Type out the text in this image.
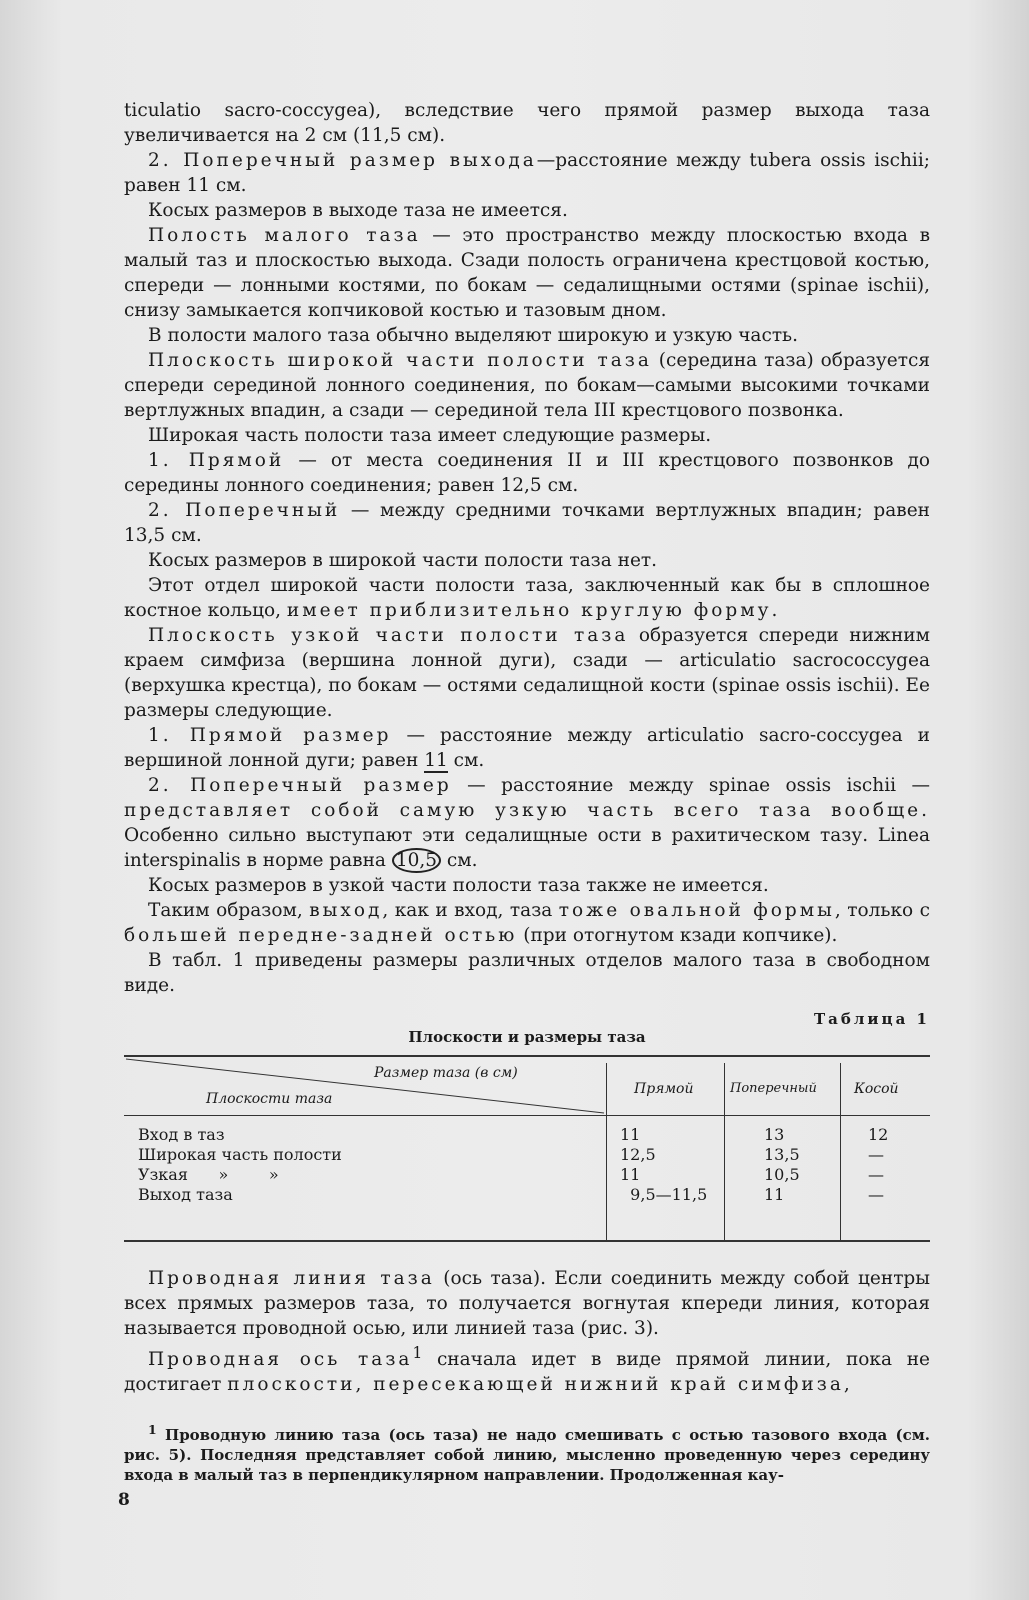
ticulatio sacro-coccygea), вследствие чего прямой размер выхода таза увеличивается на 2 см (11,5 см).

2. Поперечный размер выхода—расстояние между tubera ossis ischii; равен 11 см.

Косых размеров в выходе таза не имеется.

Полость малого таза — это пространство между плоскостью входа в малый таз и плоскостью выхода. Сзади полость ограничена крестцовой костью, спереди — лонными костями, по бокам — седалищными остями (spinae ischii), снизу замыкается копчиковой костью и тазовым дном.

В полости малого таза обычно выделяют широкую и узкую часть.

Плоскость широкой части полости таза (середина таза) образуется спереди серединой лонного соединения, по бокам—самыми высокими точками вертлужных впадин, а сзади — серединой тела III крестцового позвонка.

Широкая часть полости таза имеет следующие размеры.

1. Прямой — от места соединения II и III крестцового позвонков до середины лонного соединения; равен 12,5 см.

2. Поперечный — между средними точками вертлужных впадин; равен 13,5 см.

Косых размеров в широкой части полости таза нет.

Этот отдел широкой части полости таза, заключенный как бы в сплошное костное кольцо, имеет приблизительно круглую форму.

Плоскость узкой части полости таза образуется спереди нижним краем симфиза (вершина лонной дуги), сзади — articulatio sacrococcygea (верхушка крестца), по бокам — остями седалищной кости (spinae ossis ischii). Ее размеры следующие.

1. Прямой размер — расстояние между articulatio sacro-coccygea и вершиной лонной дуги; равен 11 см.

2. Поперечный размер — расстояние между spinae ossis ischii — представляет собой самую узкую часть всего таза вообще. Особенно сильно выступают эти седалищные ости в рахитическом тазу. Linea interspinalis в норме равна 10,5 см.

Косых размеров в узкой части полости таза также не имеется.

Таким образом, выход, как и вход, таза тоже овальной формы, только с большей передне-задней остью (при отогнутом кзади копчике).

В табл. 1 приведены размеры различных отделов малого таза в свободном виде.

Таблица 1
Плоскости и размеры таза
Размер таза (в см)
Плоскости таза
Прямой	Поперечный	Косой
Вход в таз
Широкая часть полости
Узкая      »        »
Выход таза
11
12,5
11
9,5—11,5
13
13,5
10,5
11
12
—
—
—

Проводная линия таза (ось таза). Если соединить между собой центры всех прямых размеров таза, то получается вогнутая кпереди линия, которая называется проводной осью, или линией таза (рис. 3).

Проводная ось таза$^1$ сначала идет в виде прямой линии, пока не достигает плоскости, пересекающей нижний край симфиза,

$^1$ Проводную линию таза (ось таза) не надо смешивать с остью тазового входа (см. рис. 5). Последняя представляет собой линию, мысленно проведенную через середину входа в малый таз в перпендикулярном направлении. Продолженная кау-

8
